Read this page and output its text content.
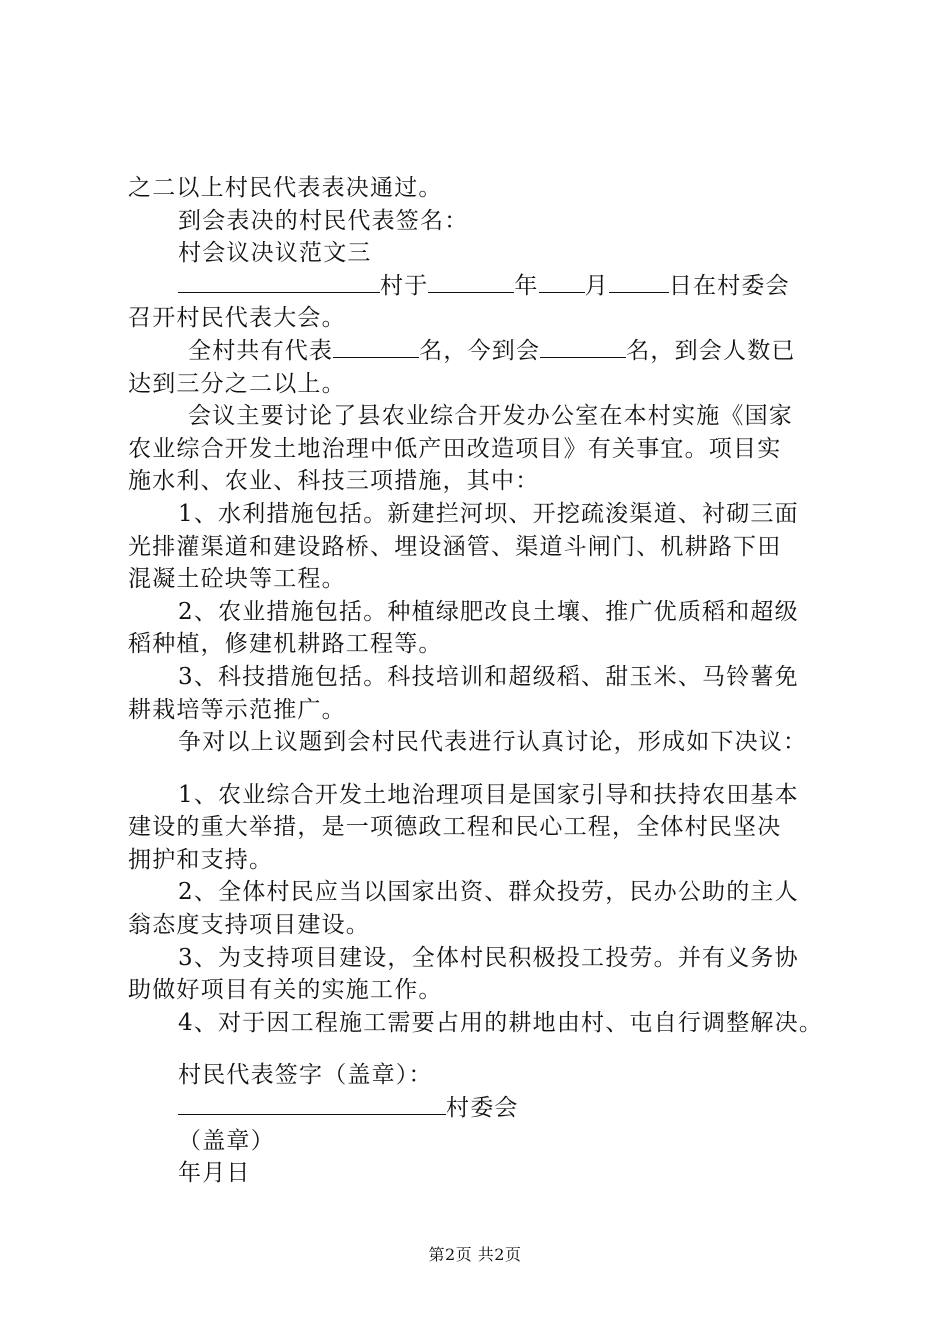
之二以上村民代表表决通过。
到会表决的村民代表签名：
村会议决议范文三
村于	年 月	日在村委会
召开村民代表大会。
全村共有代表	名，今到会	名，到会人数已
达到三分之二以上。
会议主要讨论了县农业综合开发办公室在本村实施《国家
农业综合开发土地治理中低产田改造项目》有关事宜。项目实
施水利、农业、科技三项措施，其中：
1、水利措施包括。新建拦河坝、开挖疏浚渠道、衬砌三面
光排灌渠道和建设路桥、埋设涵管、渠道斗闸门、机耕路下田
混凝土砼块等工程。
2、农业措施包括。种植绿肥改良土壤、推广优质稻和超级
稻种植，修建机耕路工程等。
3、科技措施包括。科技培训和超级稻、甜玉米、马铃薯免
耕栽培等示范推广。
争对以上议题到会村民代表进行认真讨论，形成如下决议：
1、农业综合开发土地治理项目是国家引导和扶持农田基本
建设的重大举措，是一项德政工程和民心工程，全体村民坚决
拥护和支持。
2、全体村民应当以国家出资、群众投劳，民办公助的主人
翁态度支持项目建设。
3、为支持项目建设，全体村民积极投工投劳。并有义务协
助做好项目有关的实施工作。
4、对于因工程施工需要占用的耕地由村、屯自行调整解决。
村民代表签字（盖章）：
村委会
（盖章）
年月日
第2页 共2页
